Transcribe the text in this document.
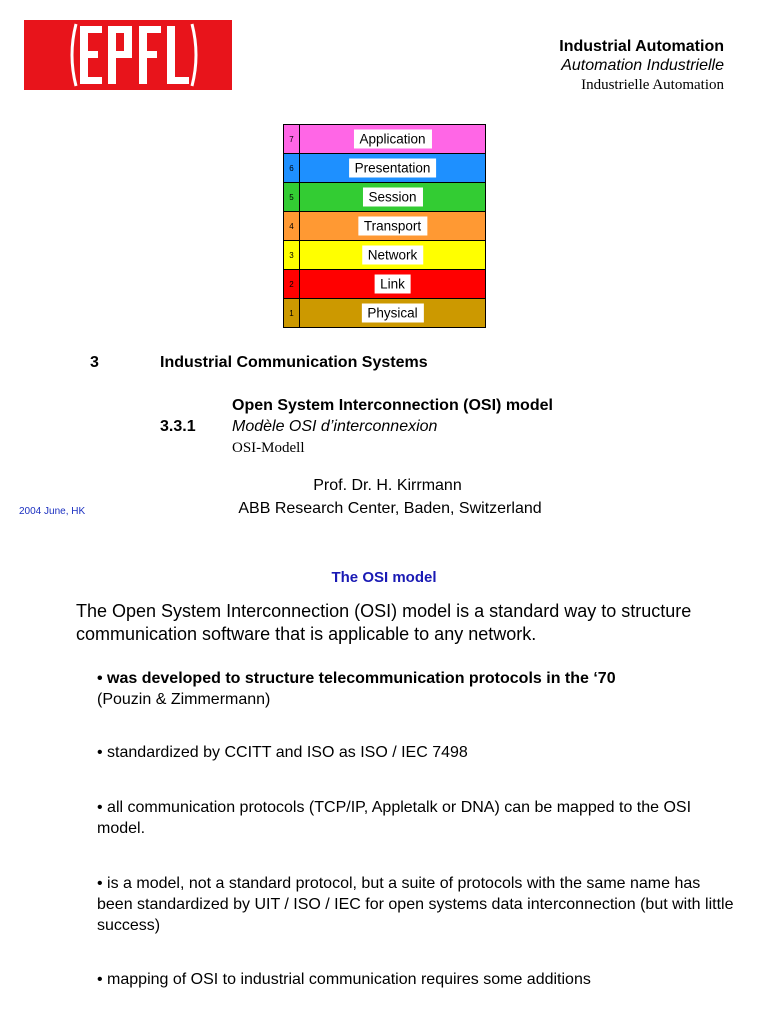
Industrial Automation
Automation Industrielle
Industrielle Automation
7	Application
6	Presentation
5	Session
4	Transport
3	Network
2	Link
1	Physical
3	Industrial Communication Systems
Open System Interconnection (OSI) model
3.3.1 Modèle OSI d’interconnexion
OSI-Modell
Prof. Dr. H. Kirrmann
ABB Research Center, Baden, Switzerland
2004 June, HK
The OSI model
The Open System Interconnection (OSI) model is a standard way to structure communication software that is applicable to any network.
• was developed to structure telecommunication protocols in the ‘70
(Pouzin & Zimmermann)
• standardized by CCITT and ISO as ISO / IEC 7498
• all communication protocols (TCP/IP, Appletalk or DNA) can be mapped to the OSI model.
• is a model, not a standard protocol, but a suite of protocols with the same name has been standardized by UIT / ISO / IEC for open systems data interconnection (but with little success)
• mapping of OSI to industrial communication requires some additions
